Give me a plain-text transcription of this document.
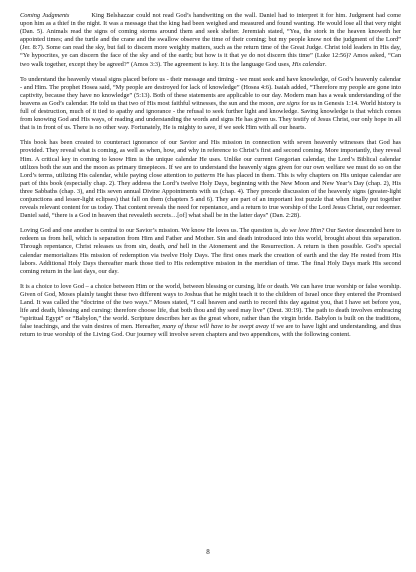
Coming Judgments	King Belshazzar could not read God’s handwriting on the wall. Daniel had to interpret it for him. Judgment had come upon him as a thief in the night. It was a message that the king had been weighed and measured and found wanting. He would lose all that very night (Dan. 5). Animals read the signs of coming storms around them and seek shelter. Jeremiah stated, “Yea, the stork in the heaven knoweth her appointed times; and the turtle and the crane and the swallow observe the time of their coming; but my people know not the judgment of the Lord” (Jer. 8:7). Some can read the sky, but fail to discern more weighty matters, such as the return time of the Great Judge. Christ told leaders in His day, “Ye hypocrites, ye can discern the face of the sky and of the earth; but how is it that ye do not discern this time” (Luke 12:56)? Amos asked, “Can two walk together, except they be agreed?” (Amos 3:3). The agreement is key. It is the language God uses, His calendar.

To understand the heavenly visual signs placed before us - their message and timing - we must seek and have knowledge, of God’s heavenly calendar - and Him. The prophet Hosea said, “My people are destroyed for lack of knowledge” (Hosea 4:6). Isaiah added, “Therefore my people are gone into captivity, because they have no knowledge” (5:13). Both of these statements are applicable to our day. Modern man has a weak understanding of the heavens as God’s calendar. He told us that two of His most faithful witnesses, the sun and the moon, are signs for us in Genesis 1:14. World history is full of destruction, much of it tied to apathy and ignorance - the refusal to seek further light and knowledge. Saving knowledge is that which comes from knowing God and His ways, of reading and understanding the words and signs He has given us. They testify of Jesus Christ, our only hope in all that is in front of us. There is no other way. Fortunately, He is mighty to save, if we seek Him with all our hearts.

This book has been created to counteract ignorance of our Savior and His mission in connection with seven heavenly witnesses that God has provided. They reveal what is coming, as well as when, how, and why in reference to Christ’s first and second coming. More importantly, they reveal Him. A critical key in coming to know Him is the unique calendar He uses. Unlike our current Gregorian calendar, the Lord’s Biblical calendar utilizes both the sun and the moon as primary timepieces. If we are to understand the heavenly signs given for our own welfare we must do so on the Lord’s terms, utilizing His calendar, while paying close attention to patterns He has placed in them. This is why chapters on His unique calendar are part of this book (especially chap. 2). They address the Lord’s twelve Holy Days, beginning with the New Moon and New Year’s Day (chap. 2), His three Sabbaths (chap. 3), and His seven annual Divine Appointments with us (chap. 4). They precede discussion of the heavenly signs (greater-light conjunctions and lesser-light eclipses) that fall on them (chapters 5 and 6). They are part of an important lost puzzle that when finally put together reveals relevant content for us today. That content reveals the need for repentance, and a return to true worship of the Lord Jesus Christ, our redeemer. Daniel said, “there is a God in heaven that revealeth secrets…[of] what shall be in the latter days” (Dan. 2:28).

Loving God and one another is central to our Savior’s mission. We know He loves us. The question is, do we love Him? Our Savior descended here to redeem us from hell, which is separation from Him and Father and Mother. Sin and death introduced into this world, brought about this separation. Through repentance, Christ releases us from sin, death, and hell in the Atonement and the Resurrection. A return is then possible. God’s special calendar memorializes His mission of redemption via twelve Holy Days. The first ones mark the creation of earth and the day He rested from His labors. Additional Holy Days thereafter mark those tied to His redemptive mission in the meridian of time. The final Holy Days mark His second coming return in the last days, our day.

It is a choice to love God – a choice between Him or the world, between blessing or cursing, life or death. We can have true worship or false worship. Given of God, Moses plainly taught these two different ways to Joshua that he might teach it to the children of Israel once they entered the Promised Land. It was called the “doctrine of the two ways.” Moses stated, “I call heaven and earth to record this day against you, that I have set before you, life and death, blessing and cursing: therefore choose life, that both thou and thy seed may live” (Deut. 30:19). The path to death involves embracing “spiritual Egypt” or “Babylon,” the world. Scripture describes her as the great whore, rather than the virgin bride. Babylon is built on the traditions, false teachings, and the vain desires of men. Hereafter, many of these will have to be swept away if we are to have light and understanding, and thus return to true worship of the Living God. Our journey will involve seven chapters and two appendices, with the following content.

8
